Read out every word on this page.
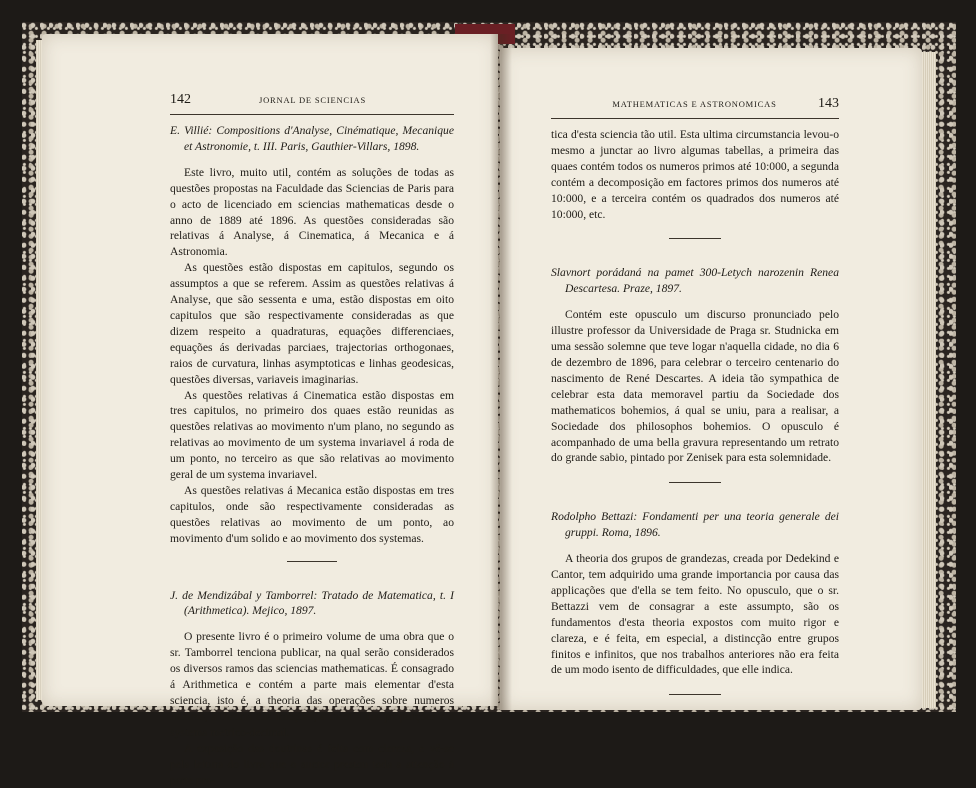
142	JORNAL DE SCIENCIAS
E. Villié: Compositions d'Analyse, Cinématique, Mecanique et Astronomie, t. III. Paris, Gauthier-Villars, 1898.

Este livro, muito util, contém as soluções de todas as questões propostas na Faculdade das Sciencias de Paris para o acto de licenciado em sciencias mathematicas desde o anno de 1889 até 1896. As questões consideradas são relativas á Analyse, á Cinematica, á Mecanica e á Astronomia.

As questões estão dispostas em capitulos, segundo os assumptos a que se referem. Assim as questões relativas á Analyse, que são sessenta e uma, estão dispostas em oito capitulos que são respectivamente consideradas as que dizem respeito a quadraturas, equações differenciaes, equações ás derivadas parciaes, trajectorias orthogonaes, raios de curvatura, linhas asymptoticas e linhas geodesicas, questões diversas, variaveis imaginarias.

As questões relativas á Cinematica estão dispostas em tres capitulos, no primeiro dos quaes estão reunidas as questões relativas ao movimento n'um plano, no segundo as relativas ao movimento de um systema invariavel á roda de um ponto, no terceiro as que são relativas ao movimento geral de um systema invariavel.

As questões relativas á Mecanica estão dispostas em tres capitulos, onde são respectivamente consideradas as questões relativas ao movimento de um ponto, ao movimento d'um solido e ao movimento dos systemas.

J. de Mendizábal y Tamborrel: Tratado de Matematica, t. I (Arithmetica). Mejico, 1897.

O presente livro é o primeiro volume de uma obra que o sr. Tamborrel tenciona publicar, na qual serão considerados os diversos ramos das sciencias mathematicas. É consagrado á Arithmetica e contém a parte mais elementar d'esta sciencia, isto é, a theoria das operações sobre numeros inteiros, a theoria das fracções, a theoria das proporções e o systema metrico-decimal.

A exposição das doutrinas é feita com clereza, e vê-se pela leitura do livro que o auctor prestou toda a attenção á parte pra-

MATHEMATICAS E ASTRONOMICAS	143

tica d'esta sciencia tão util. Esta ultima circumstancia levou-o mesmo a junctar ao livro algumas tabellas, a primeira das quaes contém todos os numeros primos até 10:000, a segunda contém a decomposição em factores primos dos numeros até 10:000, e a terceira contém os quadrados dos numeros até 10:000, etc.

Slavnort porádaná na pamet 300-Letych narozenin Renea Descartesa. Praze, 1897.

Contém este opusculo um discurso pronunciado pelo illustre professor da Universidade de Praga sr. Studnicka em uma sessão solemne que teve logar n'aquella cidade, no dia 6 de dezembro de 1896, para celebrar o terceiro centenario do nascimento de René Descartes. A ideia tão sympathica de celebrar esta data memoravel partiu da Sociedade dos mathematicos bohemios, á qual se uniu, para a realisar, a Sociedade dos philosophos bohemios. O opusculo é acompanhado de uma bella gravura representando um retrato do grande sabio, pintado por Zenisek para esta solemnidade.

Rodolpho Bettazi: Fondamenti per una teoria generale dei gruppi. Roma, 1896.

A theoria dos grupos de grandezas, creada por Dedekind e Cantor, tem adquirido uma grande importancia por causa das applicações que d'ella se tem feito. No opusculo, que o sr. Bettazzi vem de consagrar a este assumpto, são os fundamentos d'esta theoria expostos com muito rigor e clareza, e é feita, em especial, a distincção entre grupos finitos e infinitos, que nos trabalhos anteriores não era feita de um modo isento de difficuldades, que elle indica.
